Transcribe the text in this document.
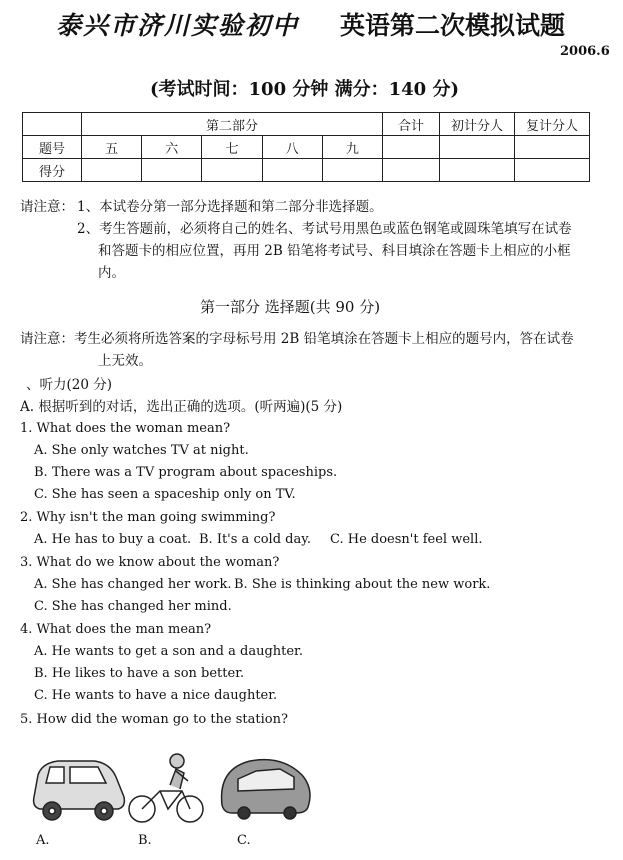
泰兴市济川实验初中 英语第二次模拟试题
2006.6
(考试时间：100 分钟 满分：140 分)
	第二部分					合计	初计分人	复计分人
题号	五	六	七	八	九			
得分								
请注意： 1、本试卷分第一部分选择题和第二部分非选择题。
2、考生答题前，必须将自己的姓名、考试号用黑色或蓝色钢笔或圆珠笔填写在试卷
和答题卡的相应位置，再用 2B 铅笔将考试号、科目填涂在答题卡上相应的小框
内。
第一部分 选择题(共 90 分)
请注意：考生必须将所选答案的字母标号用 2B 铅笔填涂在答题卡上相应的题号内，答在试卷
上无效。
、听力(20 分)
A. 根据听到的对话，选出正确的选项。(听两遍)(5 分)
1. What does the woman mean?
A. She only watches TV at night.
B. There was a TV program about spaceships.
C. She has seen a spaceship only on TV.
2. Why isn't the man going swimming?
A. He has to buy a coat. B. It's a cold day. C. He doesn't feel well.
3. What do we know about the woman?
A. She has changed her work. B. She is thinking about the new work.
C. She has changed her mind.
4. What does the man mean?
A. He wants to get a son and a daughter.
B. He likes to have a son better.
C. He wants to have a nice daughter.
5. How did the woman go to the station?
A.	B.	C.
